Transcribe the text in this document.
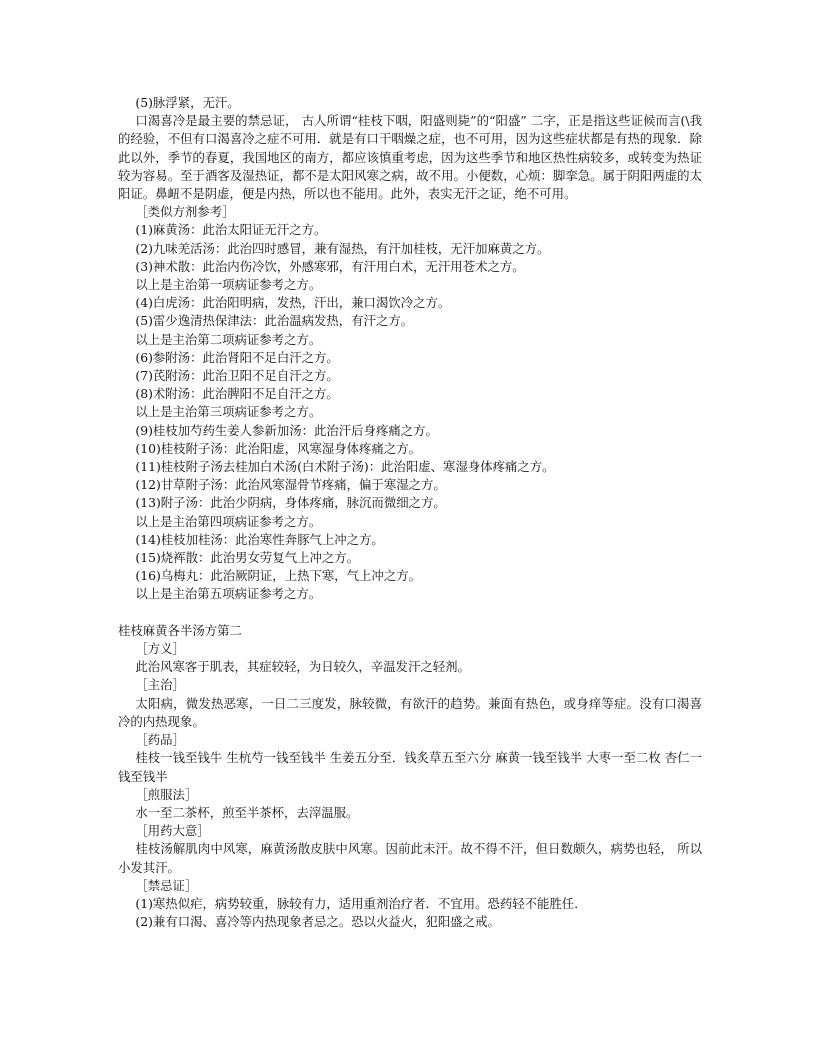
(5)脉浮紧，无汗。

口渴喜冷是最主要的禁忌证， 古人所谓“桂枝下咽，阳盛则毙”的“阳盛” 二字，正是指这些证候而言(\我的经验，不但有口渴喜冷之症不可用．就是有口干咽燥之症，也不可用，因为这些症状都是有热的现象．除此以外，季节的春夏，我国地区的南方，都应该慎重考虑，因为这些季节和地区热性病较多，或转变为热证较为容易。至于酒客及湿热证，都不是太阳风寒之病，故不用。小便数，心烦：脚挛急。属于阴阳两虚的太阳证。鼻衄不是阴虚，便是内热，所以也不能用。此外，表实无汗之证，绝不可用。

［类似方剂参考］

(1)麻黄汤：此治太阳证无汗之方。

(2)九味羌活汤：此治四时感冒，兼有湿热，有汗加桂枝，无汗加麻黄之方。

(3)神术散：此治内伤冷饮，外感寒邪，有汗用白术，无汗用苍术之方。

以上是主治第一项病证参考之方。

(4)白虎汤：此治阳明病，发热，汗出，兼口渴饮冷之方。

(5)雷少逸清热保津法：此治温病发热，有汗之方。

以上是主治第二项病证参考之方。

(6)参附汤：此治肾阳不足白汗之方。

(7)芪附汤：此治卫阳不足自汗之方。

(8)术附汤：此治脾阳不足自汗之方。

以上是主治第三项病证参考之方。

(9)桂枝加芍药生姜人参新加汤：此治汗后身疼痛之方。

(10)桂枝附子汤：此治阳虚，风寒湿身体疼痛之方。

(11)桂枝附子汤去桂加白术汤(白术附子汤)：此治阳虚、寒湿身体疼痛之方。

(12)甘草附子汤：此治风寒湿骨节疼痛，偏于寒湿之方。

(13)附子汤：此治少阴病，身体疼痛，脉沉而微细之方。

以上是主治第四项病证参考之方。

(14)桂枝加桂汤：此治寒性奔豚气上冲之方。

(15)烧裈散：此治男女劳复气上冲之方。

(16)乌梅丸：此治厥阴证，上热下寒，气上冲之方。

以上是主治第五项病证参考之方。

桂枝麻黄各半汤方第二

［方义］

此治风寒客于肌表，其症较轻，为日较久，辛温发汗之轻剂。

［主治］

太阳病，微发热恶寒，一日二三度发，脉较微，有欲汗的趋势。兼面有热色，或身痒等症。没有口渴喜冷的内热现象。

［药品］

桂枝一钱至钱牛 生杭芍一钱至钱半 生姜五分至．钱炙草五至六分 麻黄一钱至钱半 大枣一至二枚 杏仁一钱至钱半

［煎服法］

水一至二茶杯，煎至半茶杯，去滓温服。

［用药大意］

桂枝汤解肌肉中风寒，麻黄汤散皮肤中风寒。因前此未汗。故不得不汗，但日数颇久，病势也轻， 所以小发其汗。

［禁忌证］

(1)寒热似疟，病势较重，脉较有力，适用重剂治疗者．不宜用。恐药轻不能胜任．

(2)兼有口渴、喜冷等内热现象者忌之。恐以火益火，犯阳盛之戒。
